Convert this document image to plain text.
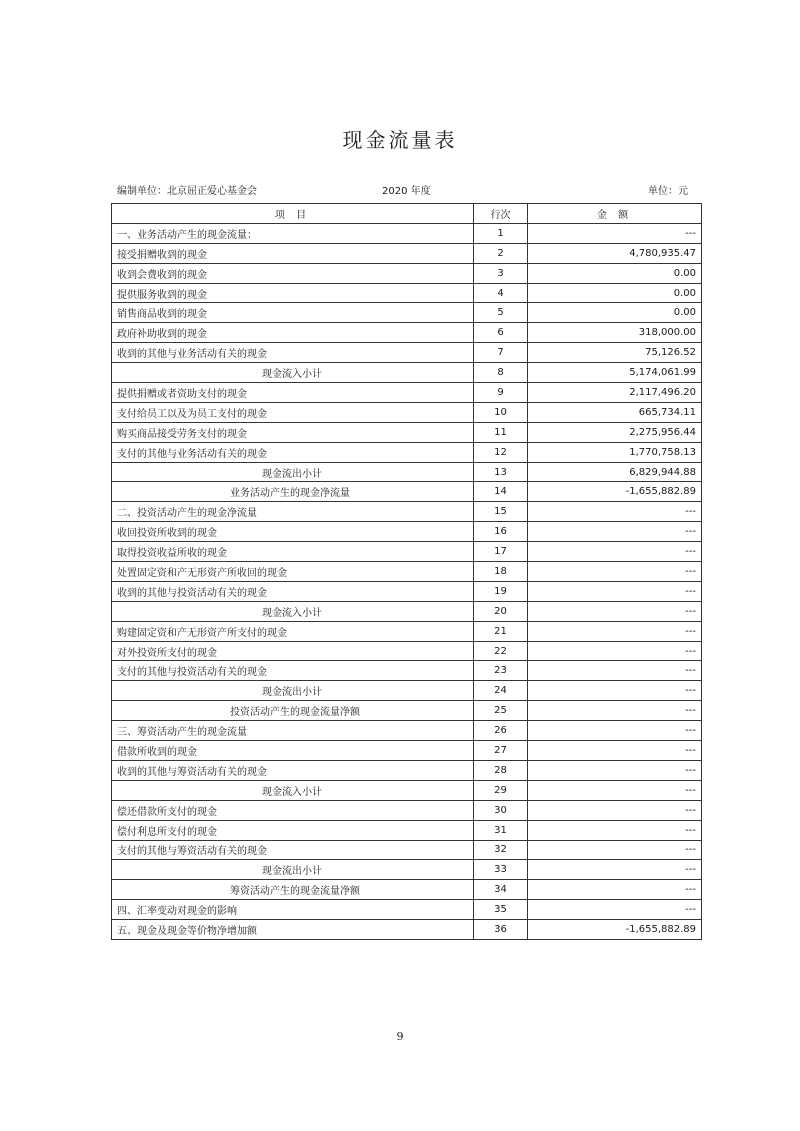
现金流量表
编制单位：北京屈正爱心基金会	2020 年度	单位：元
项 目	行次	金 额
一、业务活动产生的现金流量：	1	---
接受捐赠收到的现金	2	4,780,935.47
收到会费收到的现金	3	0.00
提供服务收到的现金	4	0.00
销售商品收到的现金	5	0.00
政府补助收到的现金	6	318,000.00
收到的其他与业务活动有关的现金	7	75,126.52
现金流入小计	8	5,174,061.99
提供捐赠或者资助支付的现金	9	2,117,496.20
支付给员工以及为员工支付的现金	10	665,734.11
购买商品接受劳务支付的现金	11	2,275,956.44
支付的其他与业务活动有关的现金	12	1,770,758.13
现金流出小计	13	6,829,944.88
业务活动产生的现金净流量	14	-1,655,882.89
二、投资活动产生的现金净流量	15	---
收回投资所收到的现金	16	---
取得投资收益所收的现金	17	---
处置固定资和产无形资产所收回的现金	18	---
收到的其他与投资活动有关的现金	19	---
现金流入小计	20	---
购建固定资和产无形资产所支付的现金	21	---
对外投资所支付的现金	22	---
支付的其他与投资活动有关的现金	23	---
现金流出小计	24	---
投资活动产生的现金流量净额	25	---
三、筹资活动产生的现金流量	26	---
借款所收到的现金	27	---
收到的其他与筹资活动有关的现金	28	---
现金流入小计	29	---
偿还借款所支付的现金	30	---
偿付利息所支付的现金	31	---
支付的其他与筹资活动有关的现金	32	---
现金流出小计	33	---
筹资活动产生的现金流量净额	34	---
四、汇率变动对现金的影响	35	---
五、现金及现金等价物净增加额	36	-1,655,882.89
9
